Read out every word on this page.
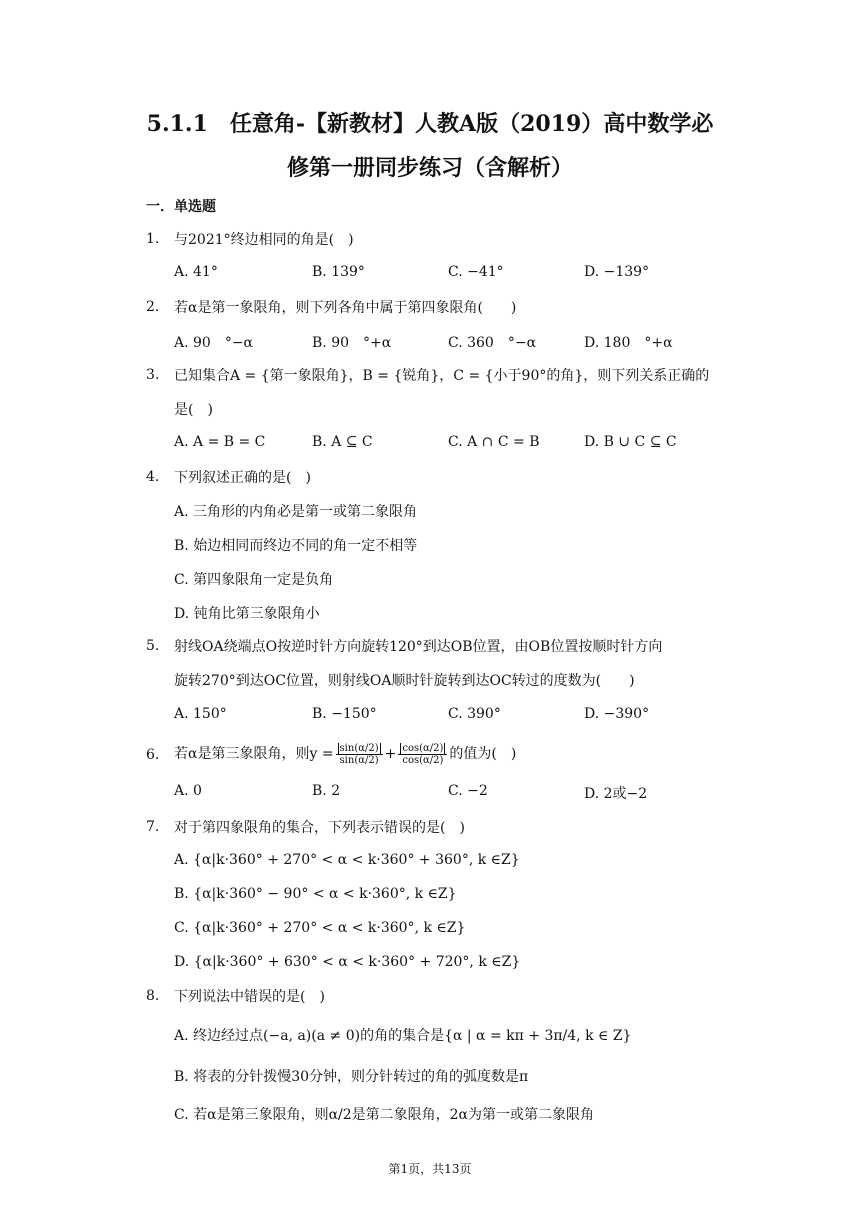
5.1.1　任意角-【新教材】人教A版（2019）高中数学必
修第一册同步练习（含解析）
一．单选题
1.	与2021°终边相同的角是(　)
A. 41°	B. 139°	C. −41°	D. −139°
2.	若α是第一象限角，则下列各角中属于第四象限角(　　)
A. 90　°−α	B. 90　°+α	C. 360　°−α	D. 180　°+α
3.	已知集合A = {第一象限角}，B = {锐角}，C = {小于90°的角}，则下列关系正确的
是(　)
A. A = B = C	B. A ⊆ C	C. A ∩ C = B	D. B ∪ C ⊆ C
4.	下列叙述正确的是(　)
A. 三角形的内角必是第一或第二象限角
B. 始边相同而终边不同的角一定不相等
C. 第四象限角一定是负角
D. 钝角比第三象限角小
5.	射线OA绕端点O按逆时针方向旋转120°到达OB位置，由OB位置按顺时针方向
旋转270°到达OC位置，则射线OA顺时针旋转到达OC转过的度数为(　　)
A. 150°	B. −150°	C. 390°	D. −390°
6.	若α是第三象限角，则$y = \frac{\sin(\alpha/2)}{\sin(\alpha/2)} + \frac{\cos(\alpha/2)}{\cos(\alpha/2)}$ 的值为(　)
A. 0	B. 2	C. −2	D. 2或−2
7.	对于第四象限角的集合，下列表示错误的是(　)
A. {α|k·360° + 270° < α < k·360° + 360°, k ∈Z}
B. {α|k·360° − 90° < α < k·360°, k ∈Z}
C. {α|k·360° + 270° < α < k·360°, k ∈Z}
D. {α|k·360° + 630° < α < k·360° + 720°, k ∈Z}
8.	下列说法中错误的是(　)
A. 终边经过点(−a, a)(a ≠ 0)的角的集合是{α | α = kπ + 3π/4, k ∈ Z}
B. 将表的分针拨慢30分钟，则分针转过的角的弧度数是π
C. 若α是第三象限角，则α/2是第二象限角，2α为第一或第二象限角
第1页，共13页
